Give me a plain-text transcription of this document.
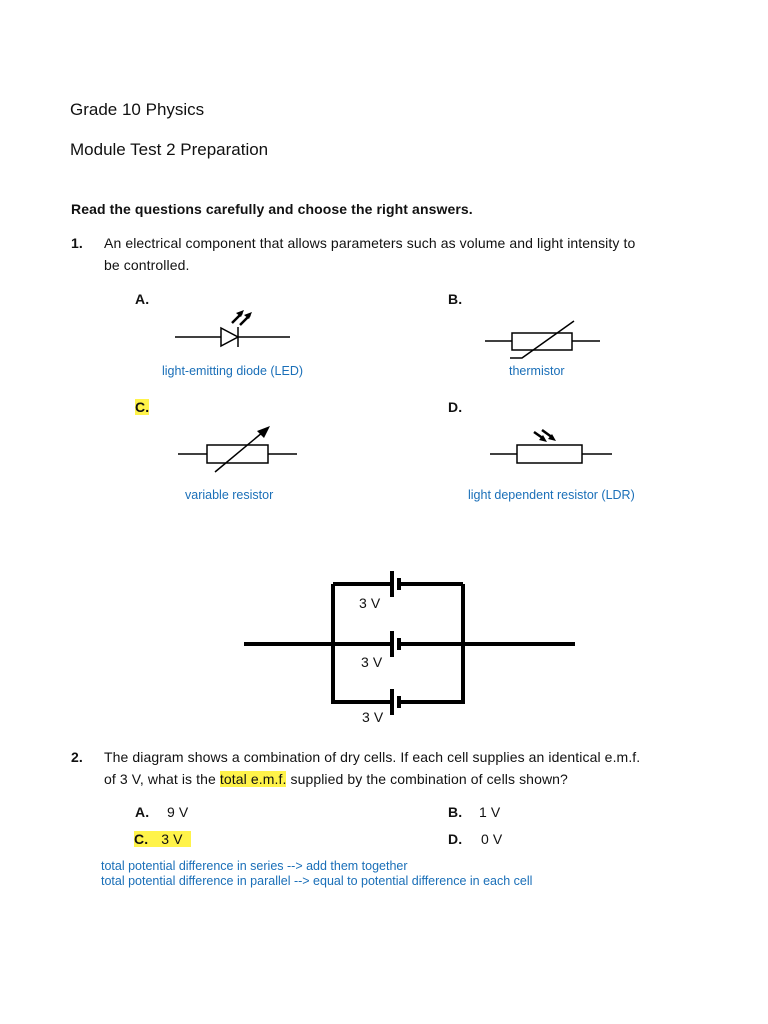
Grade 10 Physics
Module Test 2 Preparation
Read the questions carefully and choose the right answers.
1. An electrical component that allows parameters such as volume and light intensity to
be controlled.
A.
light-emitting diode (LED)
B.
thermistor
C.
variable resistor
D.
light dependent resistor (LDR)
3 V
3 V
3 V
2. The diagram shows a combination of dry cells. If each cell supplies an identical e.m.f.
of 3 V, what is the total e.m.f. supplied by the combination of cells shown?
A. 9 V	B. 1 V
C. 3 V	D. 0 V
total potential difference in series --> add them together
total potential difference in parallel --> equal to potential difference in each cell
